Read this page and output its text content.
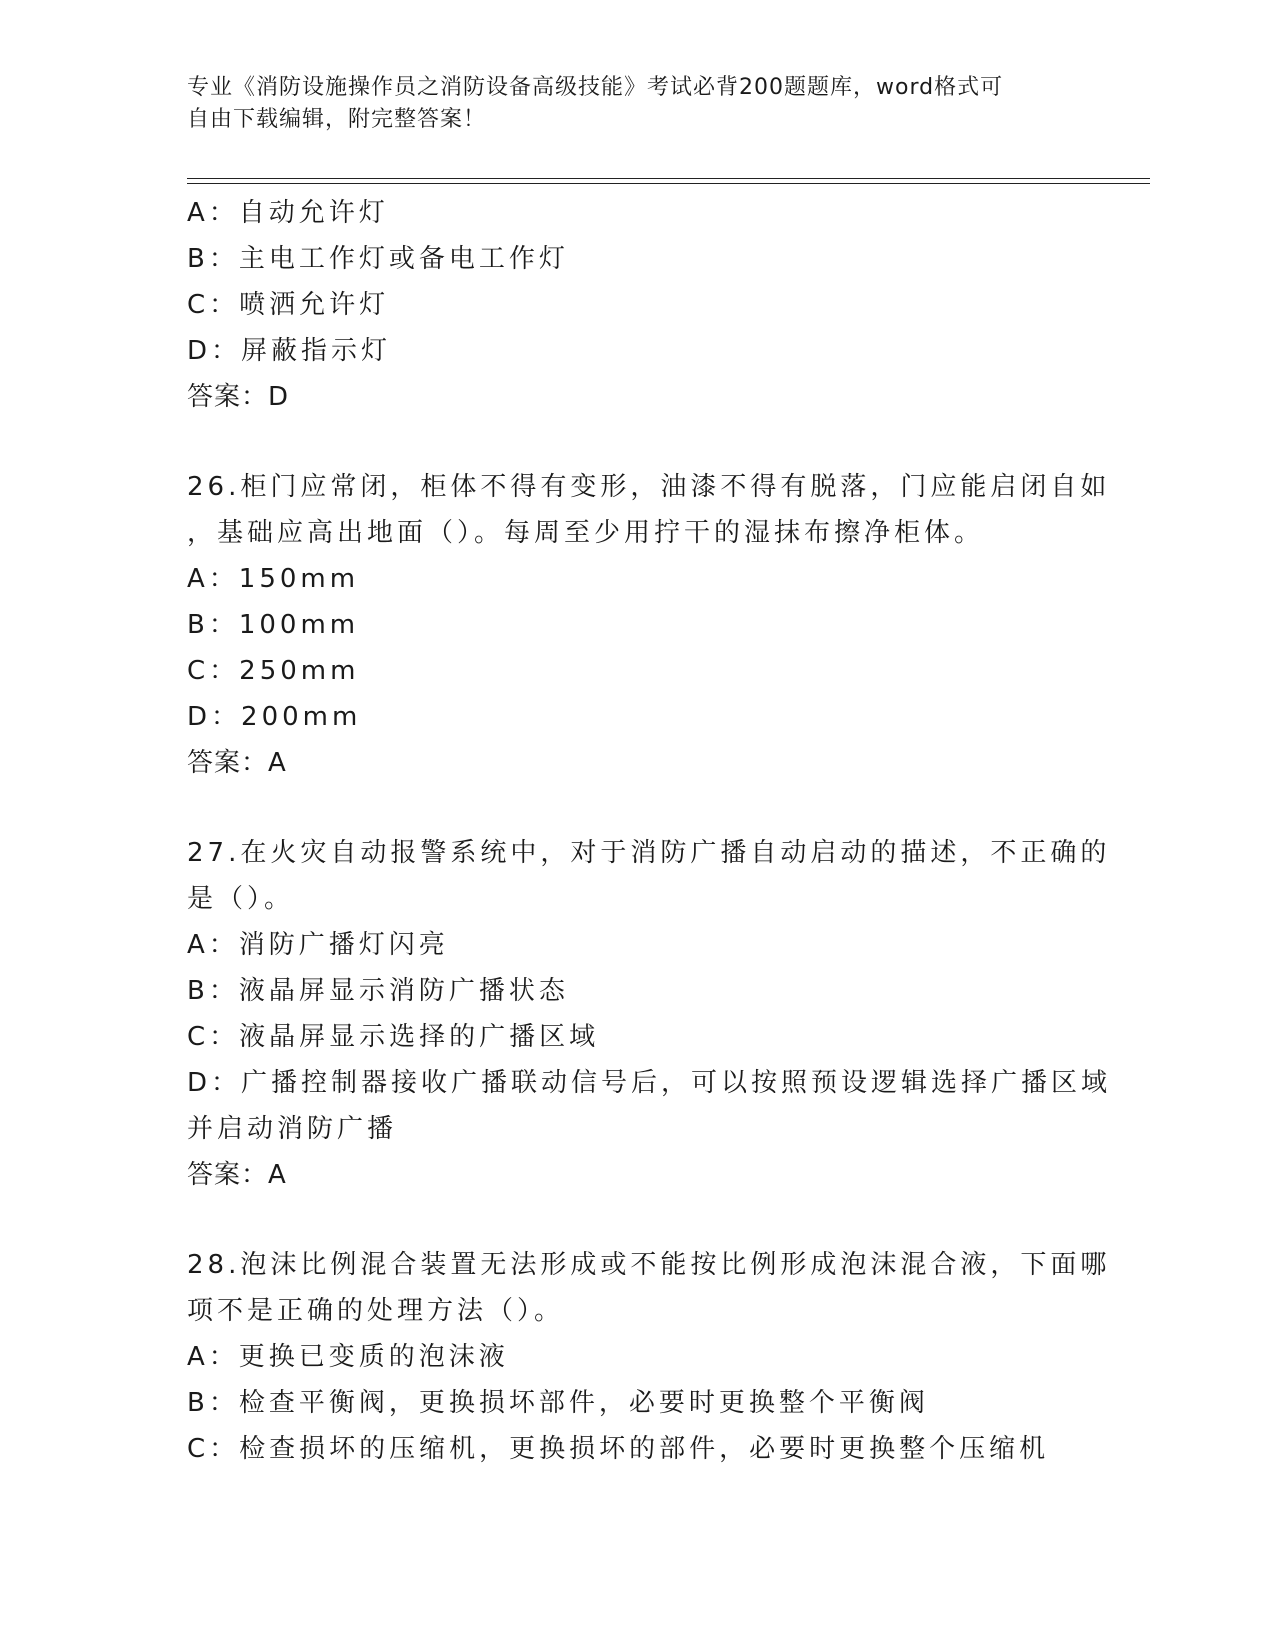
专业《消防设施操作员之消防设备高级技能》考试必背200题题库，word格式可
自由下载编辑，附完整答案！
A：自动允许灯
B：主电工作灯或备电工作灯
C：喷洒允许灯
D：屏蔽指示灯
答案：D
26.柜门应常闭，柜体不得有变形，油漆不得有脱落，门应能启闭自如
，基础应高出地面（）。每周至少用拧干的湿抹布擦净柜体。
A：150mm
B：100mm
C：250mm
D：200mm
答案：A
27.在火灾自动报警系统中，对于消防广播自动启动的描述，不正确的
是（）。
A：消防广播灯闪亮
B：液晶屏显示消防广播状态
C：液晶屏显示选择的广播区域
D：广播控制器接收广播联动信号后，可以按照预设逻辑选择广播区域
并启动消防广播
答案：A
28.泡沫比例混合装置无法形成或不能按比例形成泡沫混合液，下面哪
项不是正确的处理方法（）。
A：更换已变质的泡沫液
B：检查平衡阀，更换损坏部件，必要时更换整个平衡阀
C：检查损坏的压缩机，更换损坏的部件，必要时更换整个压缩机
